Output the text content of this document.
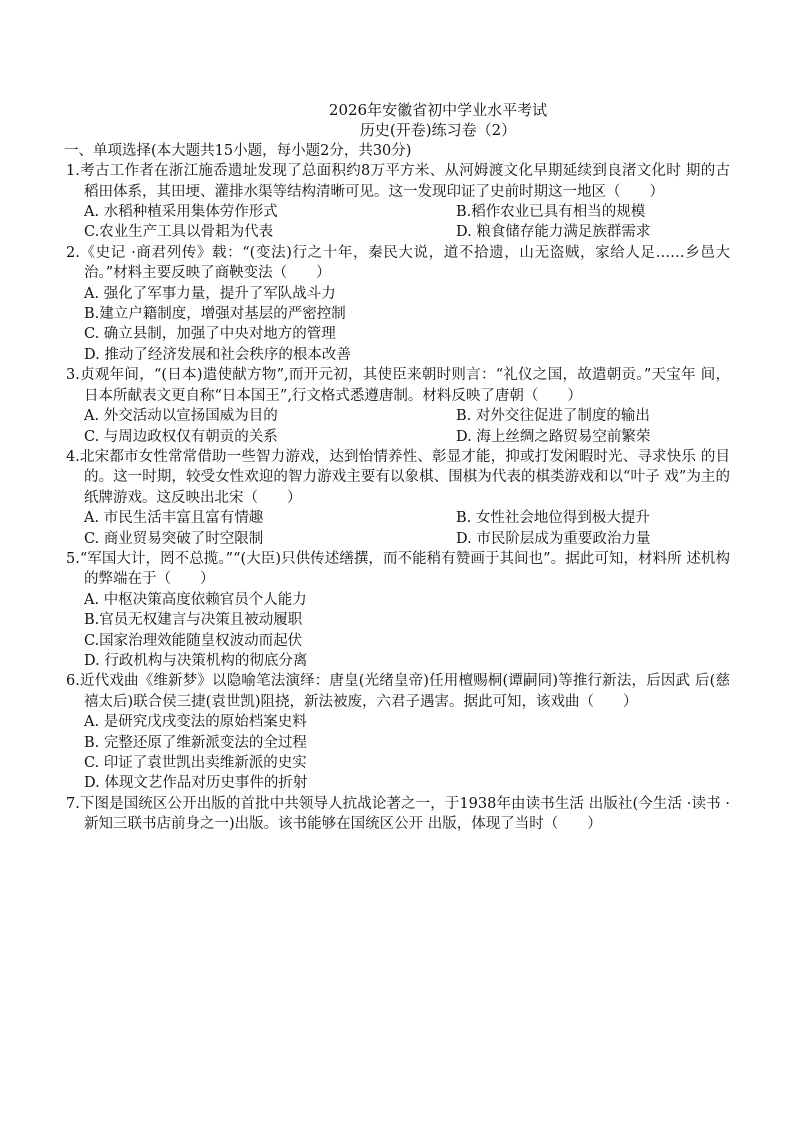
2026年安徽省初中学业水平考试
历史(开卷)练习卷（2）
一、单项选择(本大题共15小题，每小题2分，共30分)
1.考古工作者在浙江施岙遗址发现了总面积约8万平方米、从河姆渡文化早期延续到良渚文化时 期的古稻田体系，其田埂、灌排水渠等结构清晰可见。这一发现印证了史前时期这一地区（　　）
A. 水稻种植采用集体劳作形式	B.稻作农业已具有相当的规模
C.农业生产工具以骨耜为代表	D. 粮食储存能力满足族群需求
2.《史记 ·商君列传》载：“(变法)行之十年，秦民大说，道不拾遗，山无盗贼，家给人足……乡邑大 治。”材料主要反映了商鞅变法（　　）
A. 强化了军事力量，提升了军队战斗力
B.建立户籍制度，增强对基层的严密控制
C. 确立县制，加强了中央对地方的管理
D. 推动了经济发展和社会秩序的根本改善
3.贞观年间，“(日本)遣使献方物”,而开元初，其使臣来朝时则言：“礼仪之国，故遣朝贡。”天宝年 间，日本所献表文更自称“日本国王”,行文格式悉遵唐制。材料反映了唐朝（　　）
A. 外交活动以宣扬国威为目的	B. 对外交往促进了制度的输出
C. 与周边政权仅有朝贡的关系	D. 海上丝绸之路贸易空前繁荣
4.北宋都市女性常常借助一些智力游戏，达到怡情养性、彰显才能，抑或打发闲暇时光、寻求快乐 的目的。这一时期，较受女性欢迎的智力游戏主要有以象棋、围棋为代表的棋类游戏和以“叶子 戏”为主的纸牌游戏。这反映出北宋（　　）
A. 市民生活丰富且富有情趣	B. 女性社会地位得到极大提升
C. 商业贸易突破了时空限制	D. 市民阶层成为重要政治力量
5.“军国大计，罔不总揽。”“(大臣)只供传述缮撰，而不能稍有赞画于其间也”。据此可知，材料所 述机构的弊端在于（　　）
A. 中枢决策高度依赖官员个人能力
B.官员无权建言与决策且被动履职
C.国家治理效能随皇权波动而起伏
D. 行政机构与决策机构的彻底分离
6.近代戏曲《维新梦》以隐喻笔法演绎：唐皇(光绪皇帝)任用檀赐桐(谭嗣同)等推行新法，后因武 后(慈禧太后)联合侯三捷(袁世凯)阻挠，新法被废，六君子遇害。据此可知，该戏曲（　　）
A. 是研究戊戌变法的原始档案史料
B. 完整还原了维新派变法的全过程
C. 印证了袁世凯出卖维新派的史实
D. 体现文艺作品对历史事件的折射
7.下图是国统区公开出版的首批中共领导人抗战论著之一，于1938年由读书生活 出版社(今生活 ·读书 ·新知三联书店前身之一)出版。该书能够在国统区公开 出版，体现了当时（　　）
